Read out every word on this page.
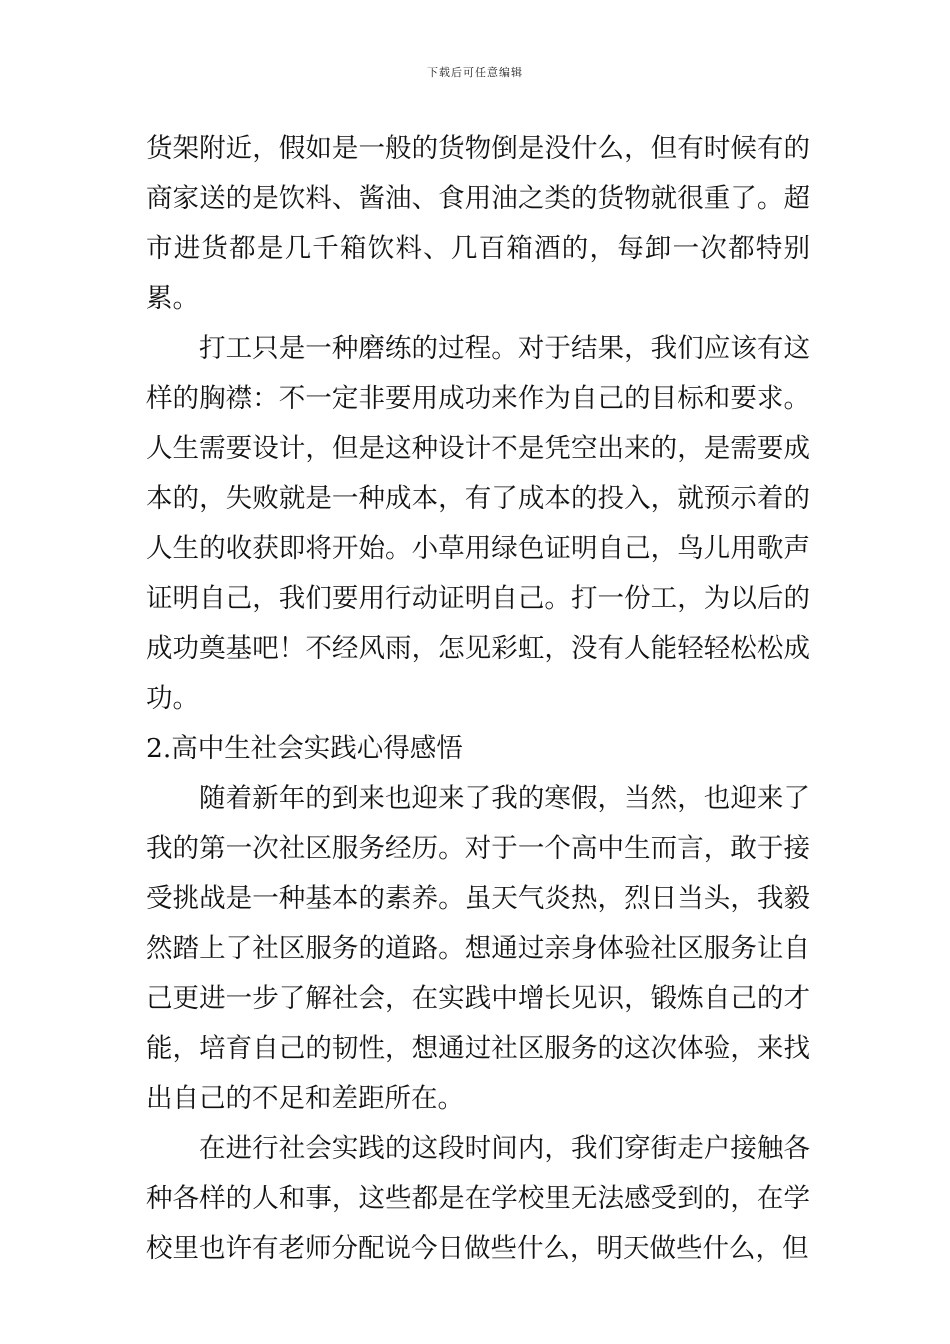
下载后可任意编辑

货架附近，假如是一般的货物倒是没什么，但有时候有的商家送的是饮料、酱油、食用油之类的货物就很重了。超市进货都是几千箱饮料、几百箱酒的，每卸一次都特别累。

打工只是一种磨练的过程。对于结果，我们应该有这样的胸襟：不一定非要用成功来作为自己的目标和要求。人生需要设计，但是这种设计不是凭空出来的，是需要成本的，失败就是一种成本，有了成本的投入，就预示着的人生的收获即将开始。小草用绿色证明自己，鸟儿用歌声证明自己，我们要用行动证明自己。打一份工，为以后的成功奠基吧！不经风雨，怎见彩虹，没有人能轻轻松松成功。

2.高中生社会实践心得感悟

随着新年的到来也迎来了我的寒假，当然，也迎来了我的第一次社区服务经历。对于一个高中生而言，敢于接受挑战是一种基本的素养。虽天气炎热，烈日当头，我毅然踏上了社区服务的道路。想通过亲身体验社区服务让自己更进一步了解社会，在实践中增长见识，锻炼自己的才能，培育自己的韧性，想通过社区服务的这次体验，来找出自己的不足和差距所在。

在进行社会实践的这段时间内，我们穿街走户接触各种各样的人和事，这些都是在学校里无法感受到的，在学校里也许有老师分配说今日做些什么，明天做些什么，但
